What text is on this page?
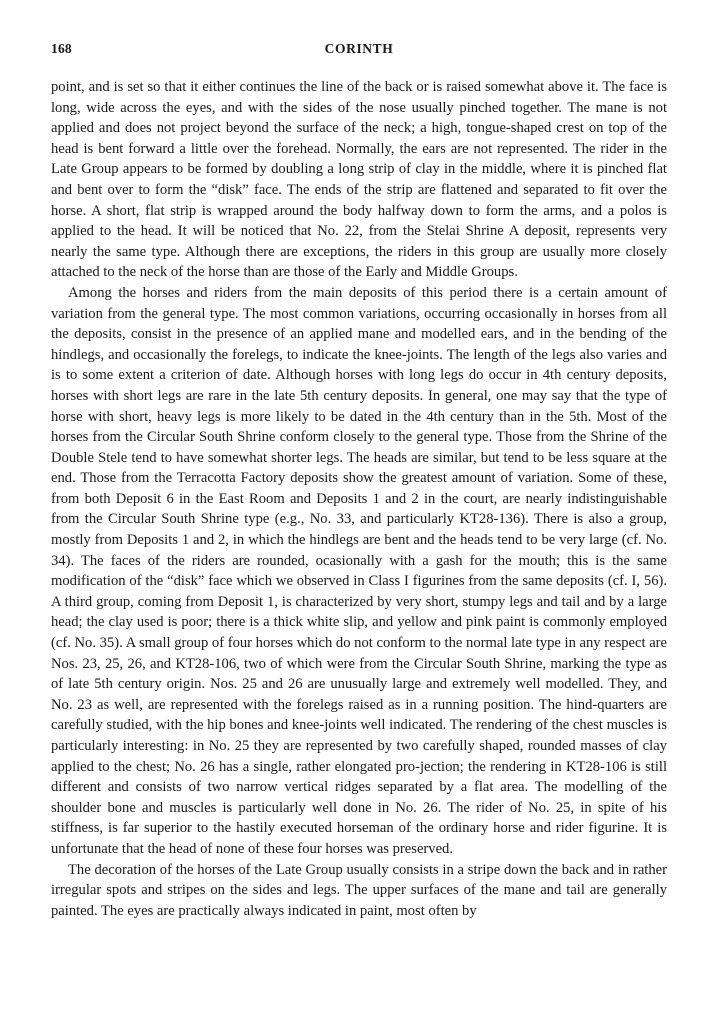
168	CORINTH

point, and is set so that it either continues the line of the back or is raised somewhat above it. The face is long, wide across the eyes, and with the sides of the nose usually pinched together. The mane is not applied and does not project beyond the surface of the neck; a high, tongue-shaped crest on top of the head is bent forward a little over the forehead. Normally, the ears are not represented. The rider in the Late Group appears to be formed by doubling a long strip of clay in the middle, where it is pinched flat and bent over to form the “disk” face. The ends of the strip are flattened and separated to fit over the horse. A short, flat strip is wrapped around the body halfway down to form the arms, and a polos is applied to the head. It will be noticed that No. 22, from the Stelai Shrine A deposit, represents very nearly the same type. Although there are exceptions, the riders in this group are usually more closely attached to the neck of the horse than are those of the Early and Middle Groups.

Among the horses and riders from the main deposits of this period there is a certain amount of variation from the general type. The most common variations, occurring occasionally in horses from all the deposits, consist in the presence of an applied mane and modelled ears, and in the bending of the hindlegs, and occasionally the forelegs, to indicate the knee-joints. The length of the legs also varies and is to some extent a criterion of date. Although horses with long legs do occur in 4th century deposits, horses with short legs are rare in the late 5th century deposits. In general, one may say that the type of horse with short, heavy legs is more likely to be dated in the 4th century than in the 5th. Most of the horses from the Circular South Shrine conform closely to the general type. Those from the Shrine of the Double Stele tend to have somewhat shorter legs. The heads are similar, but tend to be less square at the end. Those from the Terracotta Factory deposits show the greatest amount of variation. Some of these, from both Deposit 6 in the East Room and Deposits 1 and 2 in the court, are nearly indistinguishable from the Circular South Shrine type (e.g., No. 33, and particularly KT28-136). There is also a group, mostly from Deposits 1 and 2, in which the hindlegs are bent and the heads tend to be very large (cf. No. 34). The faces of the riders are rounded, ocasionally with a gash for the mouth; this is the same modification of the “disk” face which we observed in Class I figurines from the same deposits (cf. I, 56). A third group, coming from Deposit 1, is characterized by very short, stumpy legs and tail and by a large head; the clay used is poor; there is a thick white slip, and yellow and pink paint is commonly employed (cf. No. 35). A small group of four horses which do not conform to the normal late type in any respect are Nos. 23, 25, 26, and KT28-106, two of which were from the Circular South Shrine, marking the type as of late 5th century origin. Nos. 25 and 26 are unusually large and extremely well modelled. They, and No. 23 as well, are represented with the forelegs raised as in a running position. The hind-quarters are carefully studied, with the hip bones and knee-joints well indicated. The rendering of the chest muscles is particularly interesting: in No. 25 they are represented by two carefully shaped, rounded masses of clay applied to the chest; No. 26 has a single, rather elongated pro-jection; the rendering in KT28-106 is still different and consists of two narrow vertical ridges separated by a flat area. The modelling of the shoulder bone and muscles is particularly well done in No. 26. The rider of No. 25, in spite of his stiffness, is far superior to the hastily executed horseman of the ordinary horse and rider figurine. It is unfortunate that the head of none of these four horses was preserved.

The decoration of the horses of the Late Group usually consists in a stripe down the back and in rather irregular spots and stripes on the sides and legs. The upper surfaces of the mane and tail are generally painted. The eyes are practically always indicated in paint, most often by
